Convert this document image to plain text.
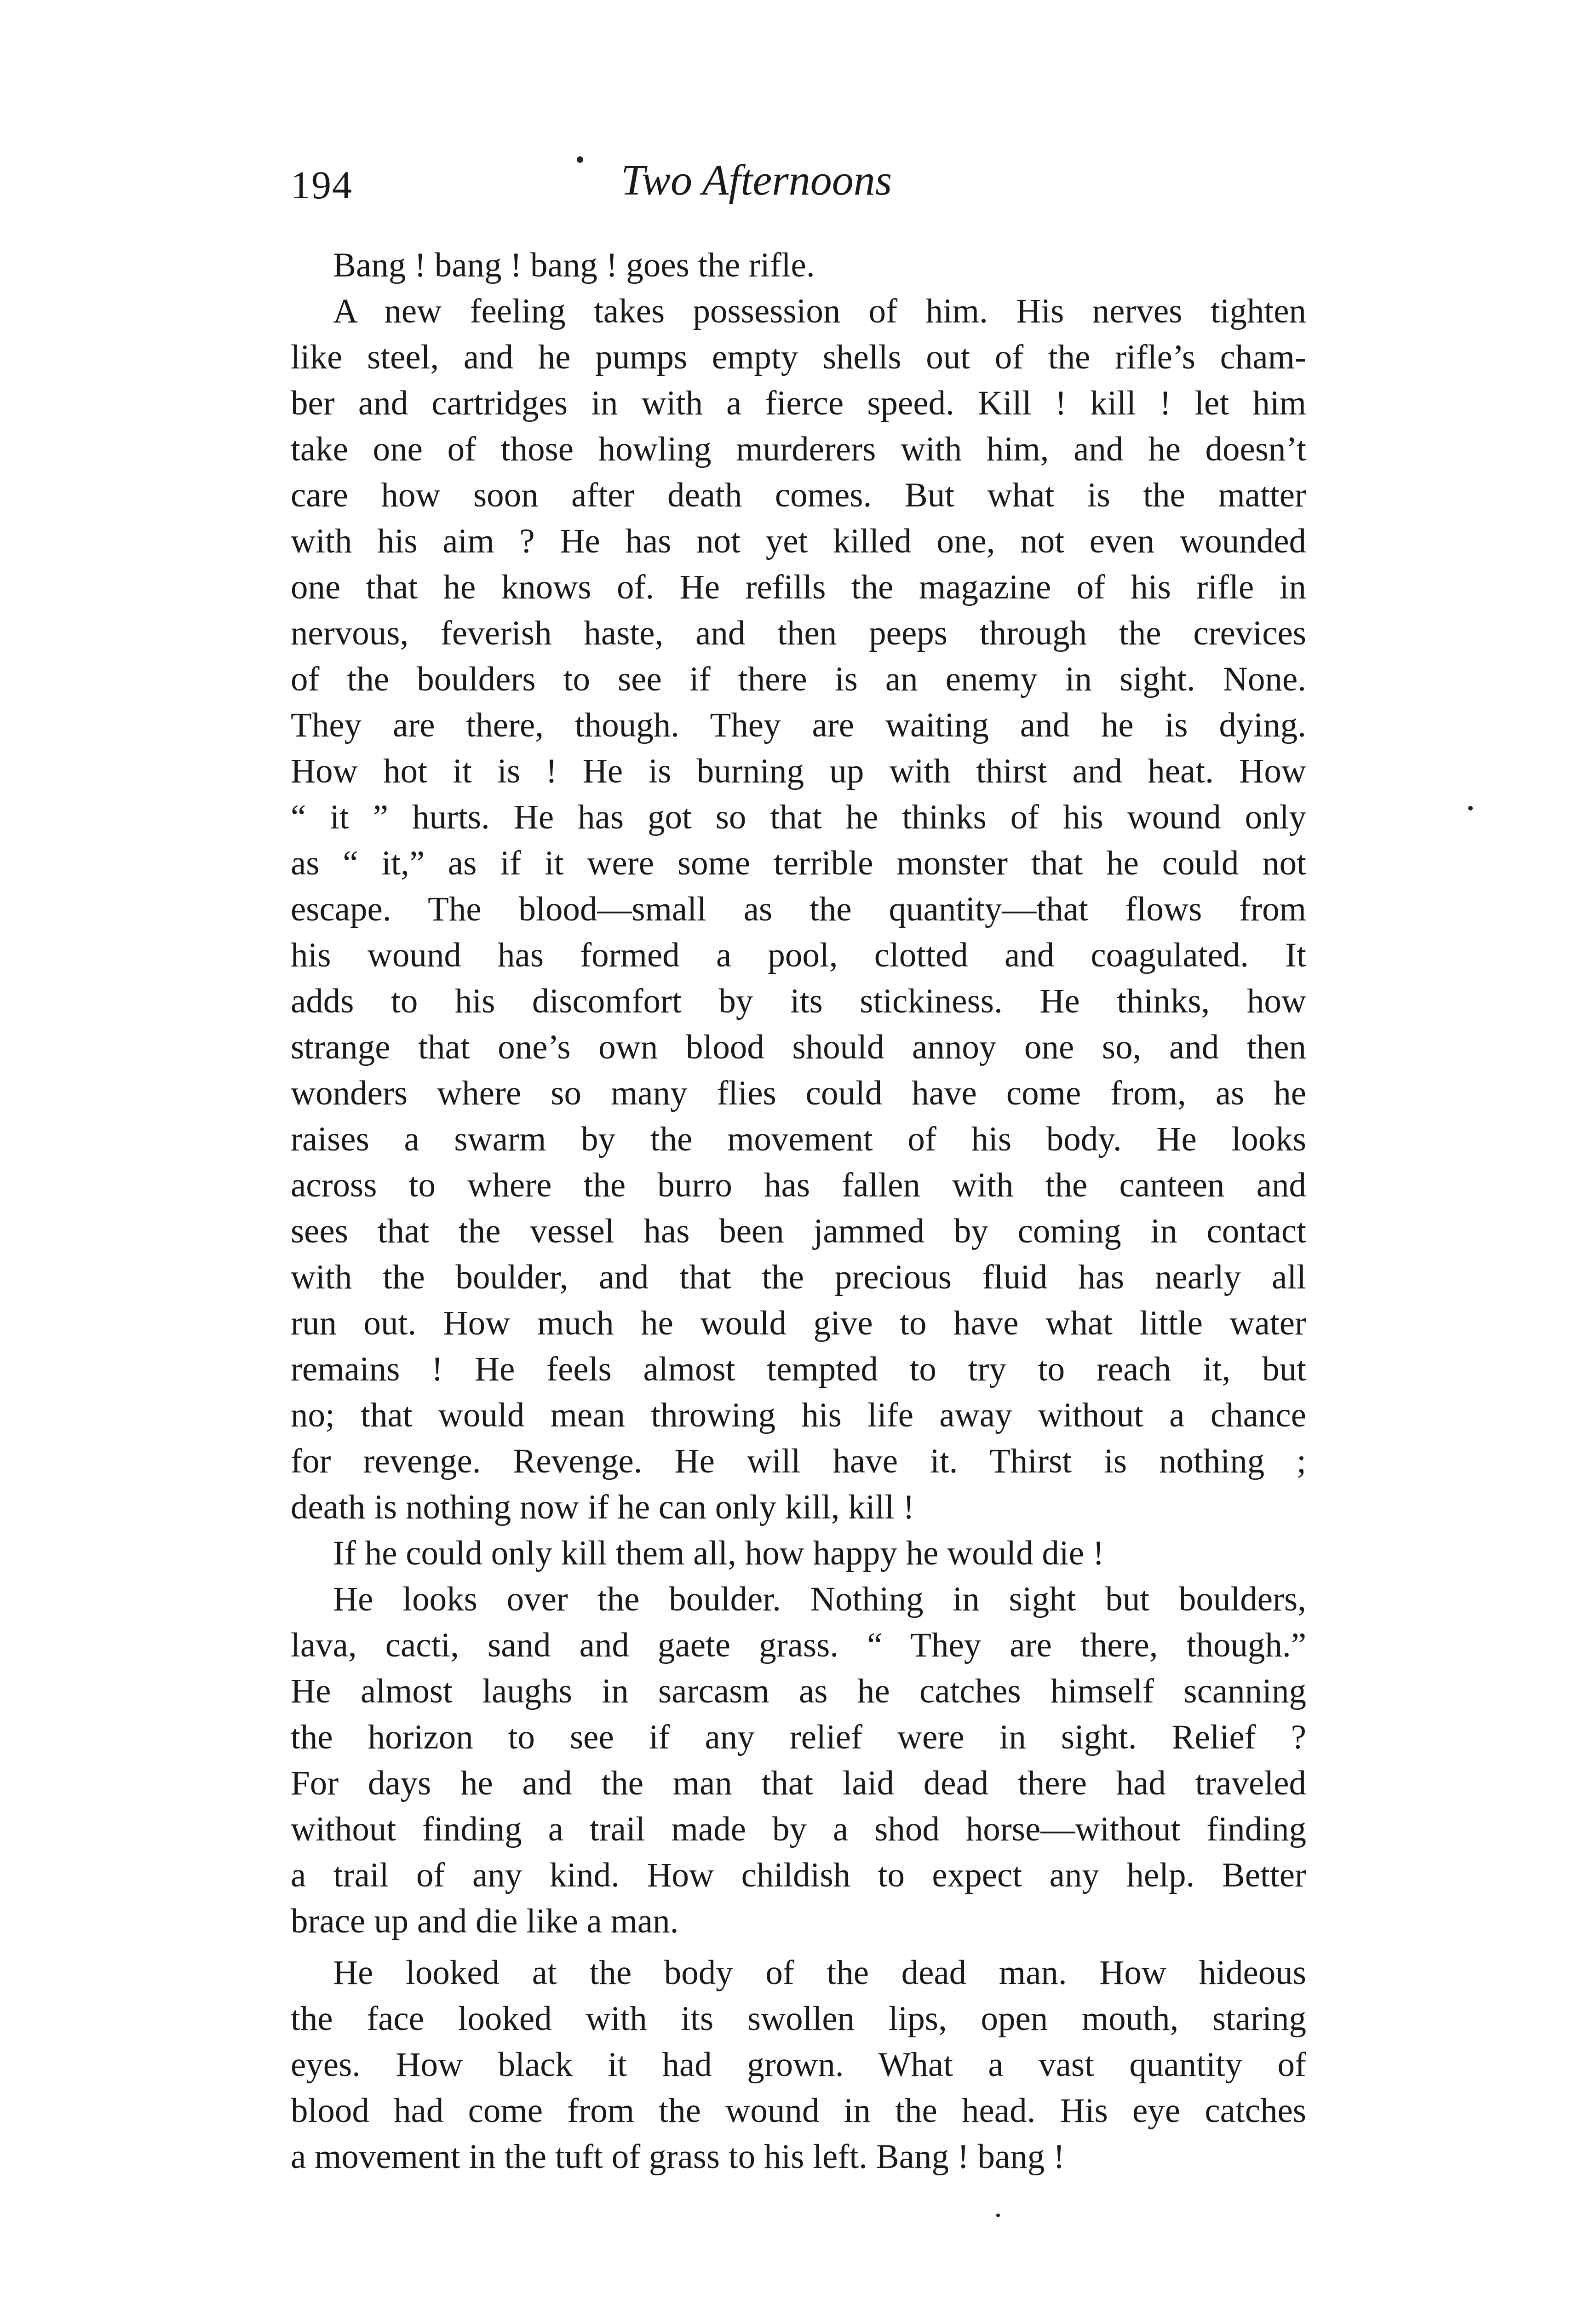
194	Two Afternoons

Bang ! bang ! bang ! goes the rifle.

A new feeling takes possession of him. His nerves tighten
like steel, and he pumps empty shells out of the rifle’s cham-
ber and cartridges in with a fierce speed. Kill ! kill ! let him
take one of those howling murderers with him, and he doesn’t
care how soon after death comes. But what is the matter
with his aim ? He has not yet killed one, not even wounded
one that he knows of. He refills the magazine of his rifle in
nervous, feverish haste, and then peeps through the crevices
of the boulders to see if there is an enemy in sight. None.
They are there, though. They are waiting and he is dying.
How hot it is ! He is burning up with thirst and heat. How
“ it ” hurts. He has got so that he thinks of his wound only
as “ it,” as if it were some terrible monster that he could not
escape. The blood—small as the quantity—that flows from
his wound has formed a pool, clotted and coagulated. It
adds to his discomfort by its stickiness. He thinks, how
strange that one’s own blood should annoy one so, and then
wonders where so many flies could have come from, as he
raises a swarm by the movement of his body. He looks
across to where the burro has fallen with the canteen and
sees that the vessel has been jammed by coming in contact
with the boulder, and that the precious fluid has nearly all
run out. How much he would give to have what little water
remains ! He feels almost tempted to try to reach it, but
no; that would mean throwing his life away without a chance
for revenge. Revenge. He will have it. Thirst is nothing ;
death is nothing now if he can only kill, kill !

If he could only kill them all, how happy he would die !

He looks over the boulder. Nothing in sight but boulders,
lava, cacti, sand and gaete grass. “ They are there, though.”
He almost laughs in sarcasm as he catches himself scanning
the horizon to see if any relief were in sight. Relief ?
For days he and the man that laid dead there had traveled
without finding a trail made by a shod horse—without finding
a trail of any kind. How childish to expect any help. Better
brace up and die like a man.

He looked at the body of the dead man. How hideous
the face looked with its swollen lips, open mouth, staring
eyes. How black it had grown. What a vast quantity of
blood had come from the wound in the head. His eye catches
a movement in the tuft of grass to his left. Bang ! bang !
